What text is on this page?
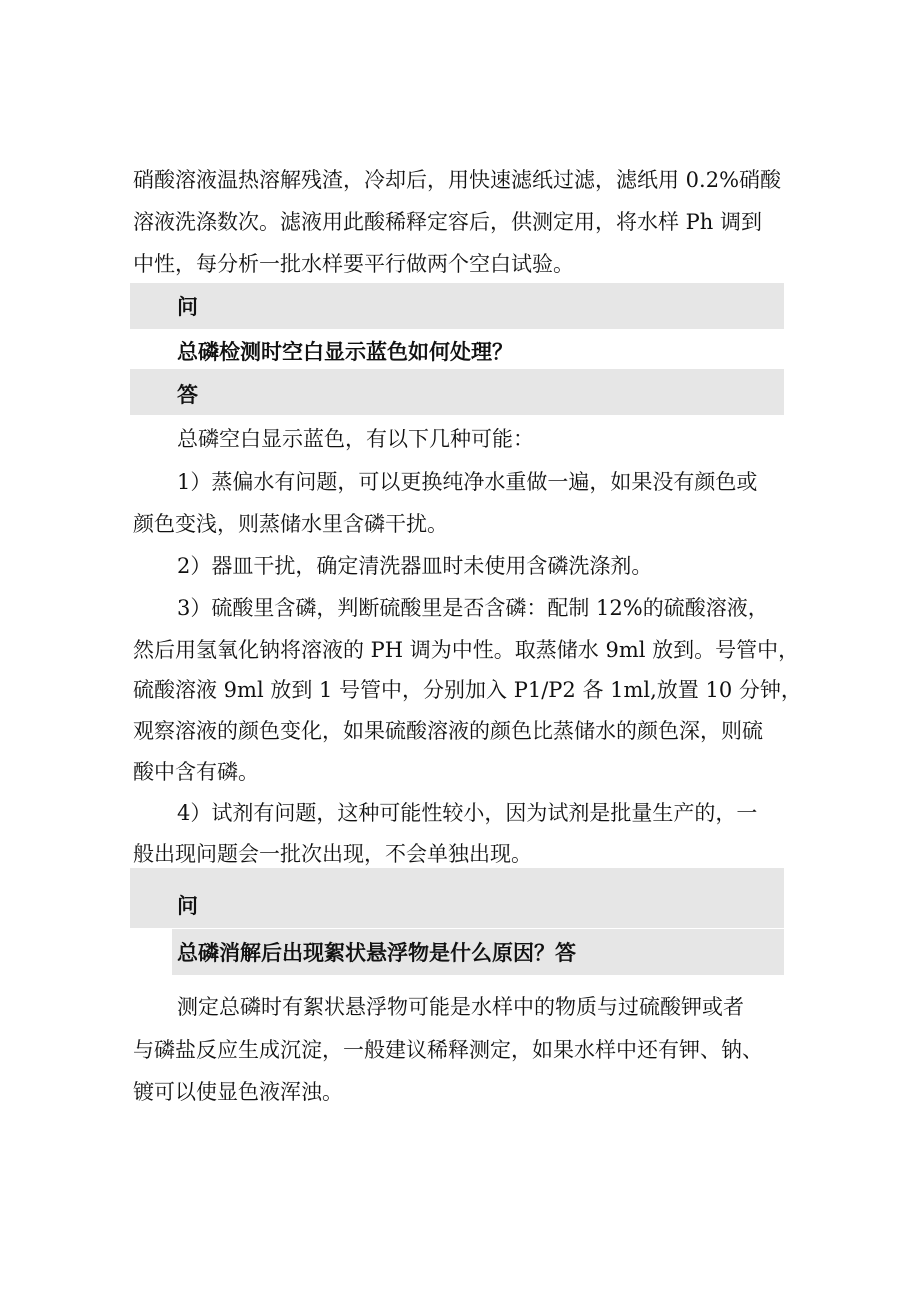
硝酸溶液温热溶解残渣，冷却后，用快速滤纸过滤，滤纸用 0.2%硝酸
溶液洗涤数次。滤液用此酸稀释定容后，供测定用，将水样 Ph 调到
中性，每分析一批水样要平行做两个空白试验。
问
总磷检测时空白显示蓝色如何处理？
答
总磷空白显示蓝色，有以下几种可能：
1）蒸偏水有问题，可以更换纯净水重做一遍，如果没有颜色或
颜色变浅，则蒸储水里含磷干扰。
2）器皿干扰，确定清洗器皿时未使用含磷洗涤剂。
3）硫酸里含磷，判断硫酸里是否含磷：配制 12%的硫酸溶液，
然后用氢氧化钠将溶液的 PH 调为中性。取蒸储水 9ml 放到。号管中，
硫酸溶液 9ml 放到 1 号管中，分别加入 P1/P2 各 1ml,放置 10 分钟，
观察溶液的颜色变化，如果硫酸溶液的颜色比蒸储水的颜色深，则硫
酸中含有磷。
4）试剂有问题，这种可能性较小，因为试剂是批量生产的，一
般出现问题会一批次出现，不会单独出现。
问
总磷消解后出现絮状悬浮物是什么原因？答
测定总磷时有絮状悬浮物可能是水样中的物质与过硫酸钾或者
与磷盐反应生成沉淀，一般建议稀释测定，如果水样中还有钾、钠、
镀可以使显色液浑浊。
